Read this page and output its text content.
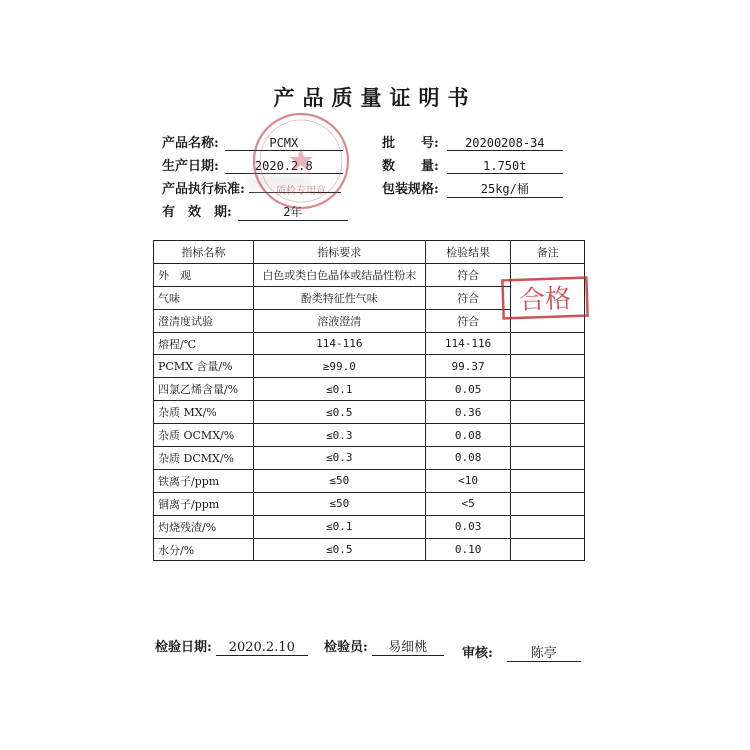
产品质量证明书
产品名称:	PCMX
生产日期:	2020.2.8
产品执行标准:
有　效　期:	2年
批　　号: 20200208-34
数　　量:	1.750t
包装规格:	25kg/桶
质检专用章
指标名称	指标要求	检验结果	备注
外　观	白色或类白色晶体或结晶性粉末	符合	
气味	酚类特征性气味	符合	
澄清度试验	溶液澄清	符合	
熔程/℃	114-116	114-116	
PCMX 含量/%	≥99.0	99.37	
四氯乙烯含量/%	≤0.1	0.05	
杂质 MX/%	≤0.5	0.36	
杂质 OCMX/%	≤0.3	0.08	
杂质 DCMX/%	≤0.3	0.08	
铁离子/ppm	≤50	<10	
铜离子/ppm	≤50	<5	
灼烧残渣/%	≤0.1	0.03	
水分/%	≤0.5	0.10	
合格
检验日期: 2020.2.10	检验员: 易细桃	审核:	陈亭
